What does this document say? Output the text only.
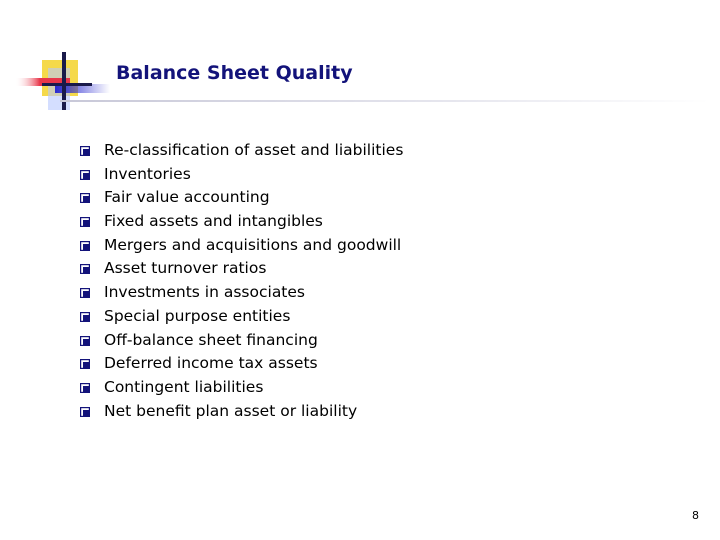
Balance Sheet Quality
Re-classification of asset and liabilities
Inventories
Fair value accounting
Fixed assets and intangibles
Mergers and acquisitions and goodwill
Asset turnover ratios
Investments in associates
Special purpose entities
Off-balance sheet financing
Deferred income tax assets
Contingent liabilities
Net benefit plan asset or liability
8
